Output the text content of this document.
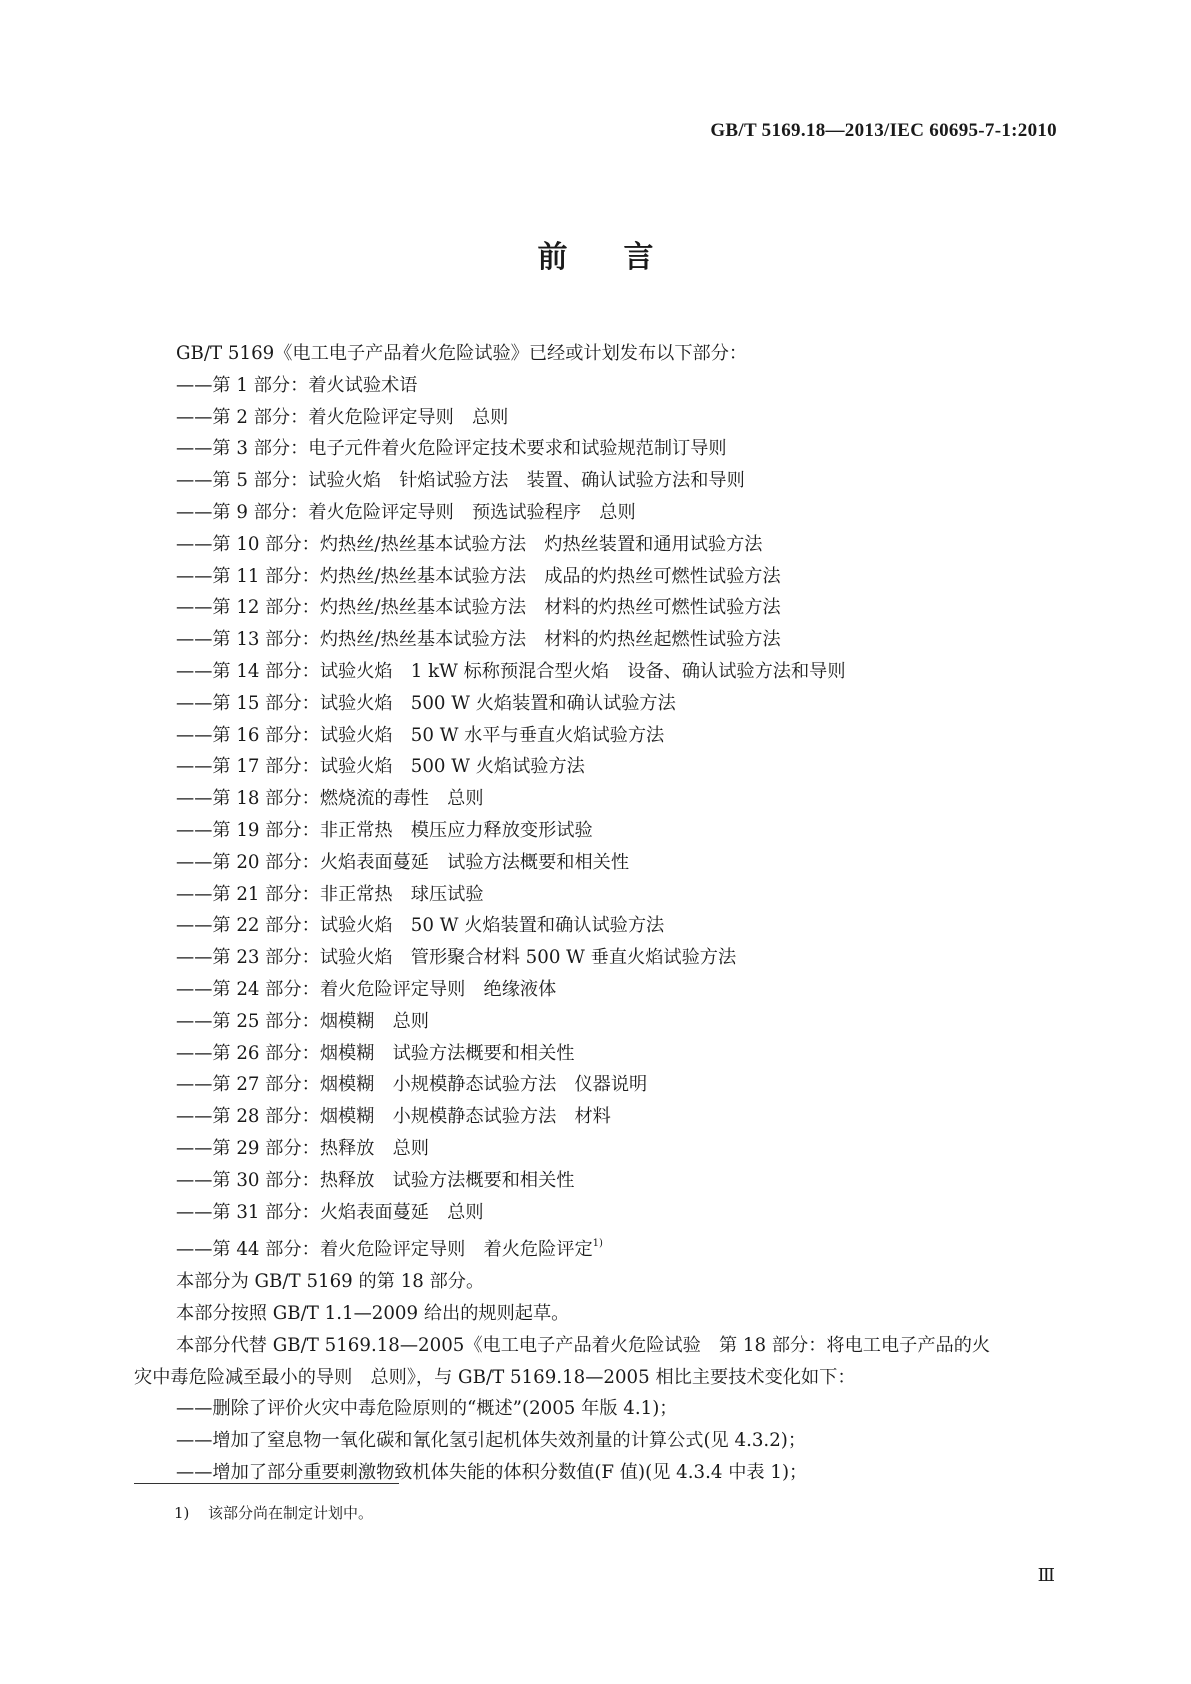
GB/T 5169.18—2013/IEC 60695-7-1:2010
前言
GB/T 5169《电工电子产品着火危险试验》已经或计划发布以下部分：
——第 1 部分：着火试验术语
——第 2 部分：着火危险评定导则　总则
——第 3 部分：电子元件着火危险评定技术要求和试验规范制订导则
——第 5 部分：试验火焰　针焰试验方法　装置、确认试验方法和导则
——第 9 部分：着火危险评定导则　预选试验程序　总则
——第 10 部分：灼热丝/热丝基本试验方法　灼热丝装置和通用试验方法
——第 11 部分：灼热丝/热丝基本试验方法　成品的灼热丝可燃性试验方法
——第 12 部分：灼热丝/热丝基本试验方法　材料的灼热丝可燃性试验方法
——第 13 部分：灼热丝/热丝基本试验方法　材料的灼热丝起燃性试验方法
——第 14 部分：试验火焰　1 kW 标称预混合型火焰　设备、确认试验方法和导则
——第 15 部分：试验火焰　500 W 火焰装置和确认试验方法
——第 16 部分：试验火焰　50 W 水平与垂直火焰试验方法
——第 17 部分：试验火焰　500 W 火焰试验方法
——第 18 部分：燃烧流的毒性　总则
——第 19 部分：非正常热　模压应力释放变形试验
——第 20 部分：火焰表面蔓延　试验方法概要和相关性
——第 21 部分：非正常热　球压试验
——第 22 部分：试验火焰　50 W 火焰装置和确认试验方法
——第 23 部分：试验火焰　管形聚合材料 500 W 垂直火焰试验方法
——第 24 部分：着火危险评定导则　绝缘液体
——第 25 部分：烟模糊　总则
——第 26 部分：烟模糊　试验方法概要和相关性
——第 27 部分：烟模糊　小规模静态试验方法　仪器说明
——第 28 部分：烟模糊　小规模静态试验方法　材料
——第 29 部分：热释放　总则
——第 30 部分：热释放　试验方法概要和相关性
——第 31 部分：火焰表面蔓延　总则
——第 44 部分：着火危险评定导则　着火危险评定$^{1)}$
本部分为 GB/T 5169 的第 18 部分。
本部分按照 GB/T 1.1—2009 给出的规则起草。
本部分代替 GB/T 5169.18—2005《电工电子产品着火危险试验　第 18 部分：将电工电子产品的火
灾中毒危险减至最小的导则　总则》，与 GB/T 5169.18—2005 相比主要技术变化如下：
——删除了评价火灾中毒危险原则的“概述”(2005 年版 4.1)；
——增加了窒息物一氧化碳和氰化氢引起机体失效剂量的计算公式(见 4.3.2)；
——增加了部分重要刺激物致机体失能的体积分数值(F 值)(见 4.3.4 中表 1)；
1) 该部分尚在制定计划中。
Ⅲ
